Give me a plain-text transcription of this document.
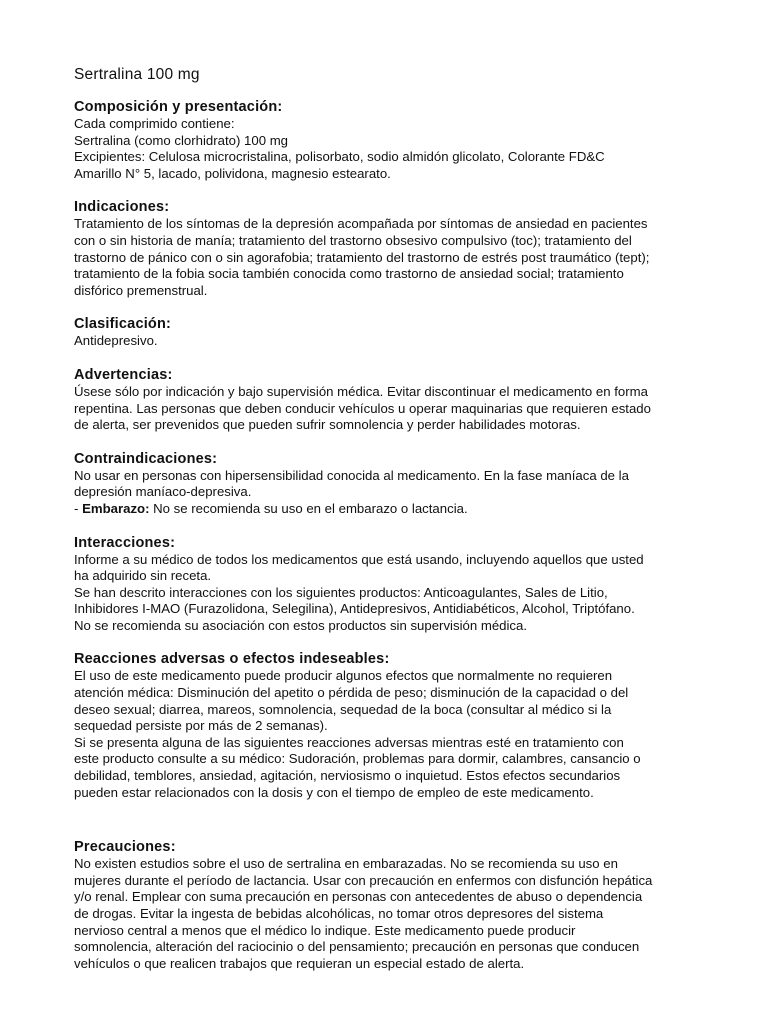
Sertralina 100 mg
Composición y presentación:

Cada comprimido contiene:

Sertralina (como clorhidrato) 100 mg

Excipientes: Celulosa microcristalina, polisorbato, sodio almidón glicolato, Colorante FD&C

Amarillo N° 5, lacado, polividona, magnesio estearato.

Indicaciones:

Tratamiento de los síntomas de la depresión acompañada por síntomas de ansiedad en pacientes

con o sin historia de manía; tratamiento del trastorno obsesivo compulsivo (toc); tratamiento del

trastorno de pánico con o sin agorafobia; tratamiento del trastorno de estrés post traumático (tept);

tratamiento de la fobia socia también conocida como trastorno de ansiedad social; tratamiento

disfórico premenstrual.

Clasificación:

Antidepresivo.

Advertencias:

Úsese sólo por indicación y bajo supervisión médica. Evitar discontinuar el medicamento en forma

repentina. Las personas que deben conducir vehículos u operar maquinarias que requieren estado

de alerta, ser prevenidos que pueden sufrir somnolencia y perder habilidades motoras.

Contraindicaciones:

No usar en personas con hipersensibilidad conocida al medicamento. En la fase maníaca de la

depresión maníaco-depresiva.

- Embarazo: No se recomienda su uso en el embarazo o lactancia.

Interacciones:

Informe a su médico de todos los medicamentos que está usando, incluyendo aquellos que usted

ha adquirido sin receta.

Se han descrito interacciones con los siguientes productos: Anticoagulantes, Sales de Litio,

Inhibidores I-MAO (Furazolidona, Selegilina), Antidepresivos, Antidiabéticos, Alcohol, Triptófano.

No se recomienda su asociación con estos productos sin supervisión médica.

Reacciones adversas o efectos indeseables:

El uso de este medicamento puede producir algunos efectos que normalmente no requieren

atención médica: Disminución del apetito o pérdida de peso; disminución de la capacidad o del

deseo sexual; diarrea, mareos, somnolencia, sequedad de la boca (consultar al médico si la

sequedad persiste por más de 2 semanas).

Si se presenta alguna de las siguientes reacciones adversas mientras esté en tratamiento con

este producto consulte a su médico: Sudoración, problemas para dormir, calambres, cansancio o

debilidad, temblores, ansiedad, agitación, nerviosismo o inquietud. Estos efectos secundarios

pueden estar relacionados con la dosis y con el tiempo de empleo de este medicamento.

Precauciones:

No existen estudios sobre el uso de sertralina en embarazadas. No se recomienda su uso en

mujeres durante el período de lactancia. Usar con precaución en enfermos con disfunción hepática

y/o renal. Emplear con suma precaución en personas con antecedentes de abuso o dependencia

de drogas. Evitar la ingesta de bebidas alcohólicas, no tomar otros depresores del sistema

nervioso central a menos que el médico lo indique. Este medicamento puede producir

somnolencia, alteración del raciocinio o del pensamiento; precaución en personas que conducen

vehículos o que realicen trabajos que requieran un especial estado de alerta.
